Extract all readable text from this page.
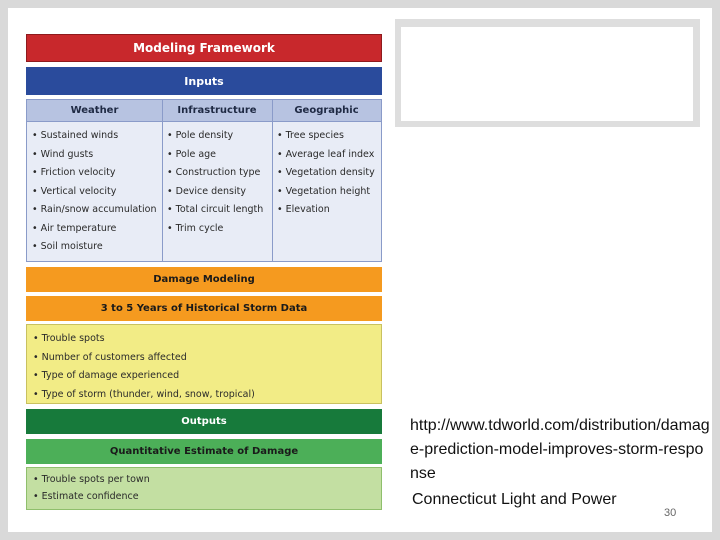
Modeling Framework
Inputs
Weather	Infrastructure	Geographic
• Sustained winds
• Wind gusts
• Friction velocity
• Vertical velocity
• Rain/snow accumulation
• Air temperature
• Soil moisture
• Pole density
• Pole age
• Construction type
• Device density
• Total circuit length
• Trim cycle
• Tree species
• Average leaf index
• Vegetation density
• Vegetation height
• Elevation
Damage Modeling
3 to 5 Years of Historical Storm Data
• Trouble spots
• Number of customers affected
• Type of damage experienced
• Type of storm (thunder, wind, snow, tropical)
Outputs
Quantitative Estimate of Damage
• Trouble spots per town
• Estimate confidence
http://www.tdworld.com/distribution/damage-prediction-model-improves-storm-response
Connecticut Light and Power
30
